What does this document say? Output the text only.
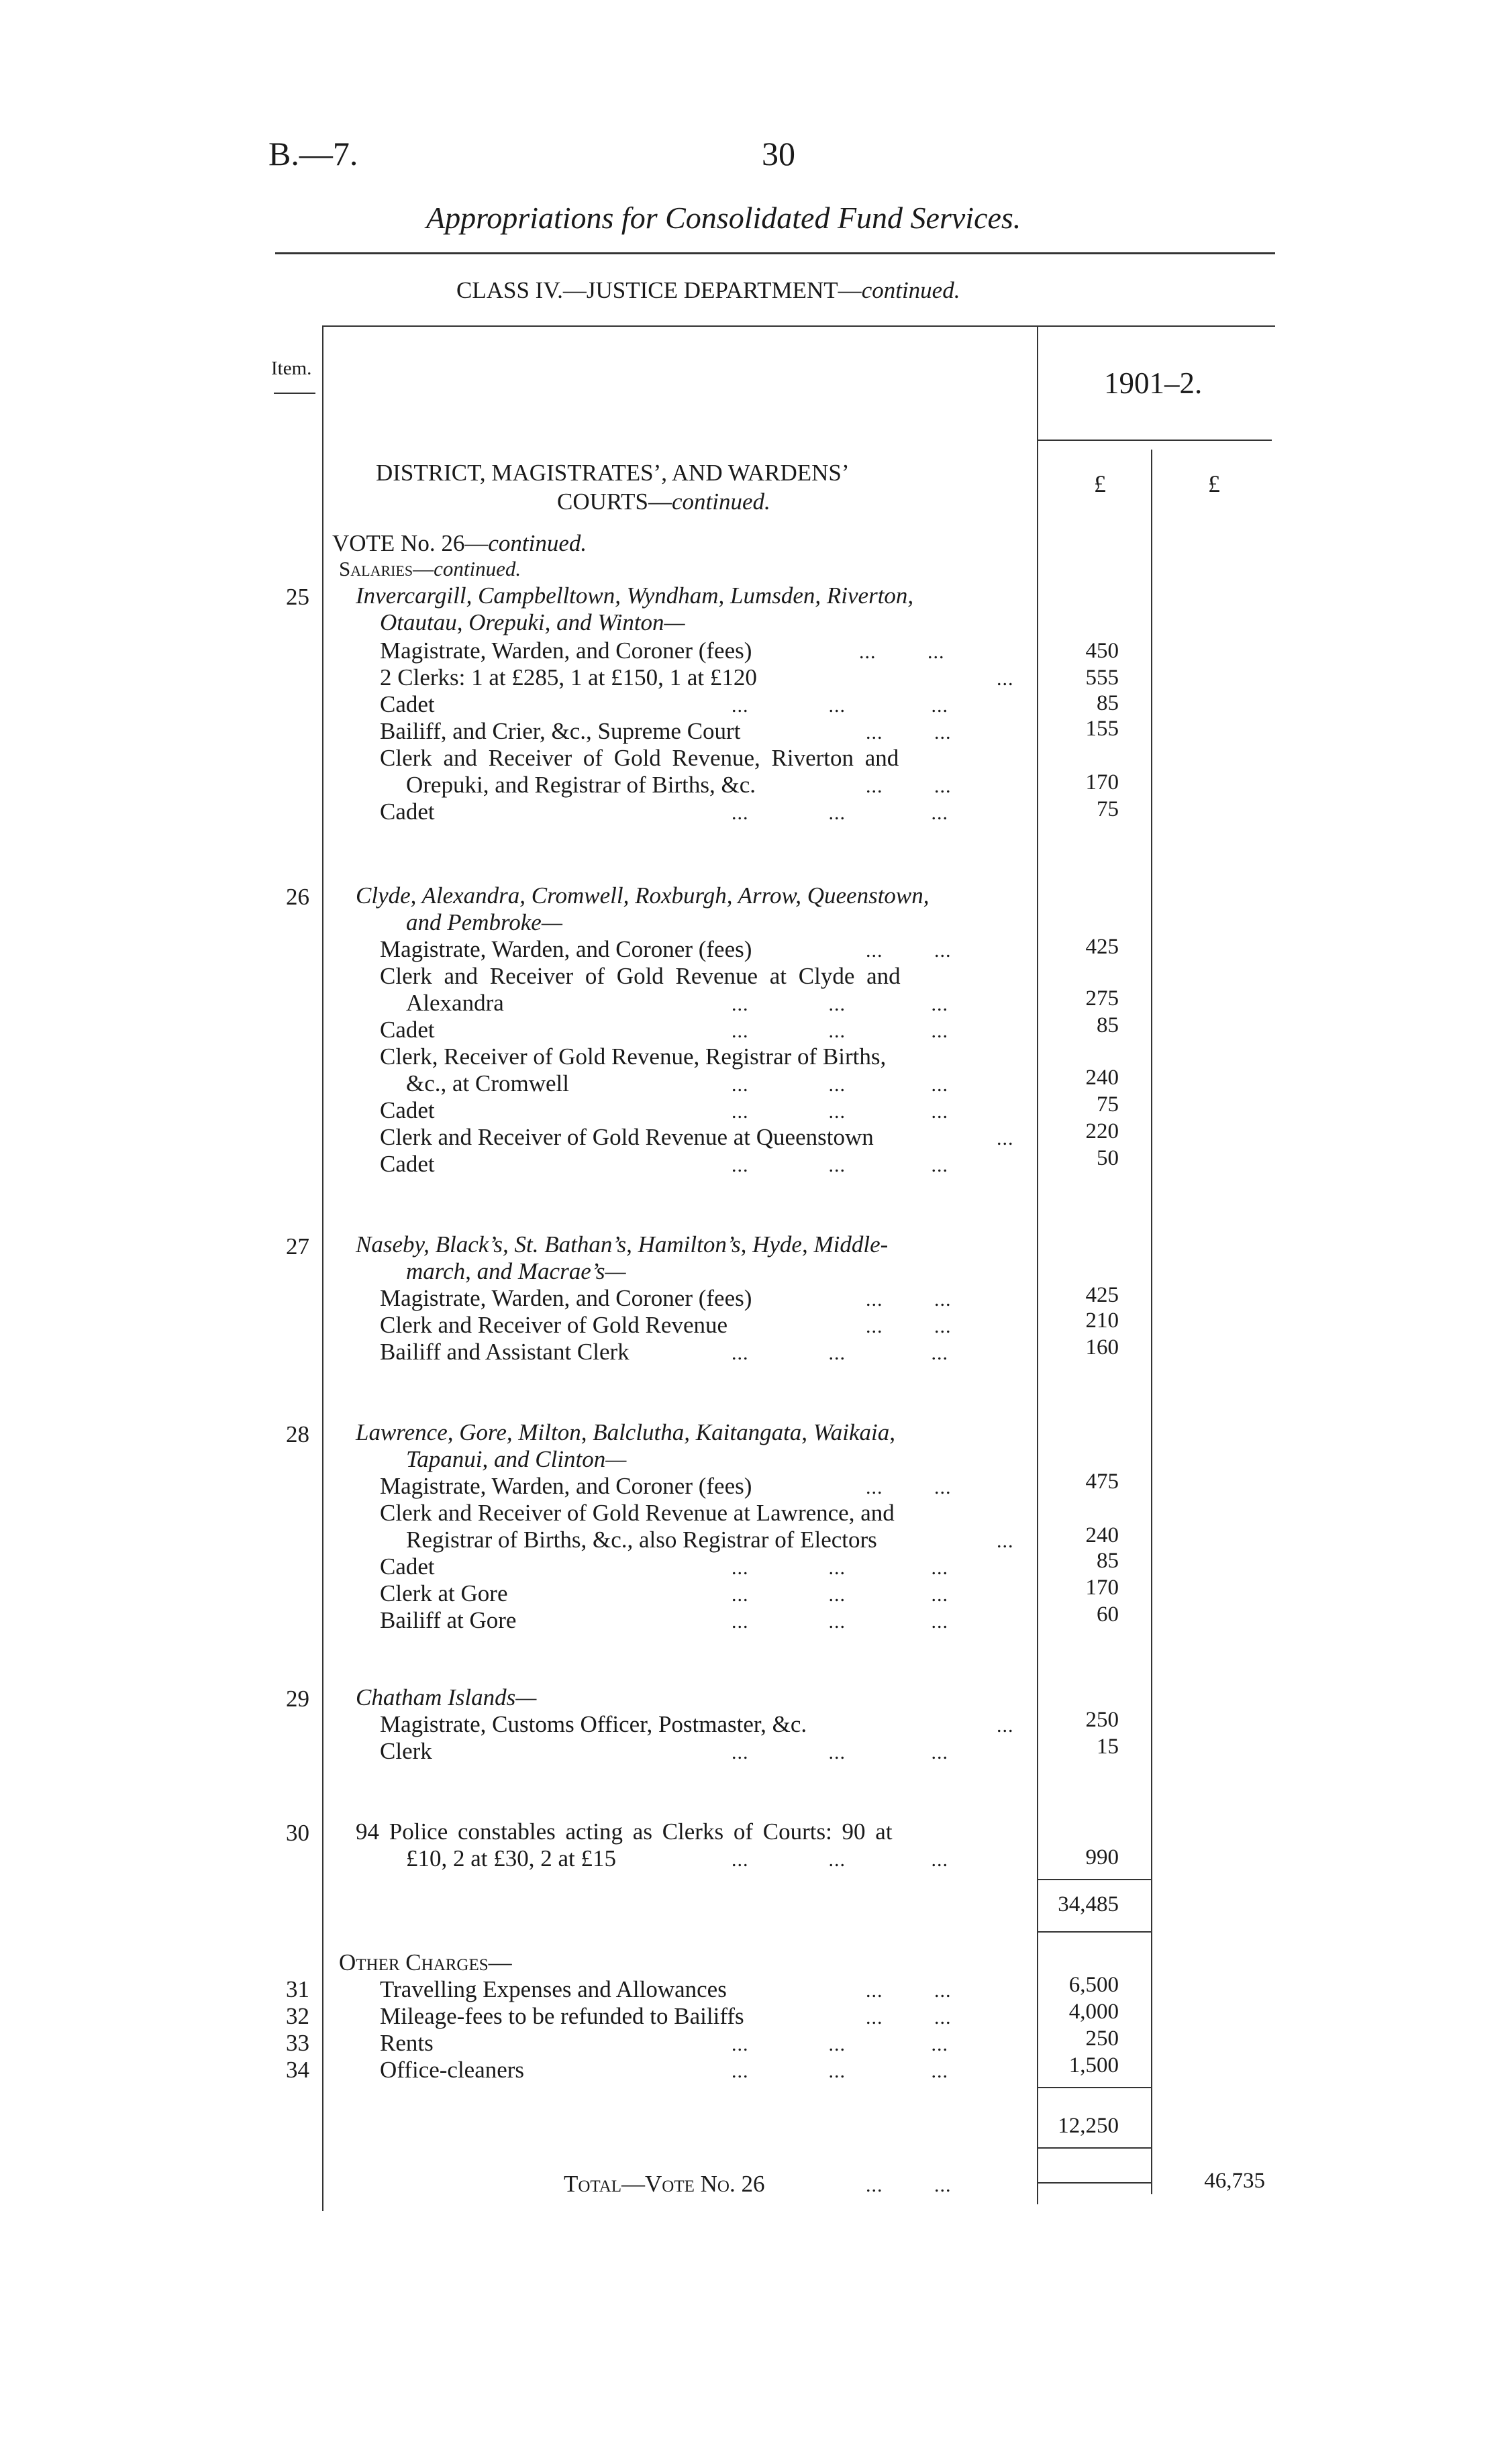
B.—7.	30
Appropriations for Consolidated Fund Services.
CLASS IV.—JUSTICE DEPARTMENT—continued.
Item.	1901–2.
£	£
DISTRICT, MAGISTRATES’, AND WARDENS’
COURTS—continued.
VOTE No. 26—continued.
Salaries—continued.
25 Invercargill, Campbelltown, Wyndham, Lumsden, Riverton,
Otautau, Orepuki, and Winton—
Magistrate, Warden, and Coroner (fees)	...         ...	450
2 Clerks: 1 at £285, 1 at £150, 1 at £120	...	555
Cadet	...              ...               ...	85
Bailiff, and Crier, &c., Supreme Court	...         ...	155
Clerk and Receiver of Gold Revenue, Riverton and
Orepuki, and Registrar of Births, &c.	...         ...	170
Cadet	...              ...               ...	75
26 Clyde, Alexandra, Cromwell, Roxburgh, Arrow, Queenstown,
and Pembroke—
Magistrate, Warden, and Coroner (fees)	...         ...	425
Clerk and Receiver of Gold Revenue at Clyde and
Alexandra	...              ...               ...	275
Cadet	...              ...               ...	85
Clerk, Receiver of Gold Revenue, Registrar of Births,
&c., at Cromwell	...              ...               ...	240
Cadet	...              ...               ...	75
Clerk and Receiver of Gold Revenue at Queenstown	...	220
Cadet	...              ...               ...	50
27 Naseby, Black’s, St. Bathan’s, Hamilton’s, Hyde, Middle-
march, and Macrae’s—
Magistrate, Warden, and Coroner (fees)	...         ...	425
Clerk and Receiver of Gold Revenue	...         ...	210
Bailiff and Assistant Clerk	...              ...               ...	160
28 Lawrence, Gore, Milton, Balclutha, Kaitangata, Waikaia,
Tapanui, and Clinton—
Magistrate, Warden, and Coroner (fees)	...         ...	475
Clerk and Receiver of Gold Revenue at Lawrence, and
Registrar of Births, &c., also Registrar of Electors	...	240
Cadet	...              ...               ...	85
Clerk at Gore	...              ...               ...	170
Bailiff at Gore	...              ...               ...	60
29 Chatham Islands—
Magistrate, Customs Officer, Postmaster, &c.	...	250
Clerk	...              ...               ...	15
30 94 Police constables acting as Clerks of Courts: 90 at
£10, 2 at £30, 2 at £15	...              ...               ...	990
34,485
Other Charges—
31	Travelling Expenses and Allowances	...         ...	6,500
32	Mileage-fees to be refunded to Bailiffs	...         ...	4,000
33	Rents	...              ...               ...	250
34	Office-cleaners	...              ...               ...	1,500
12,250
Total—Vote No. 26	...         ...	46,735
